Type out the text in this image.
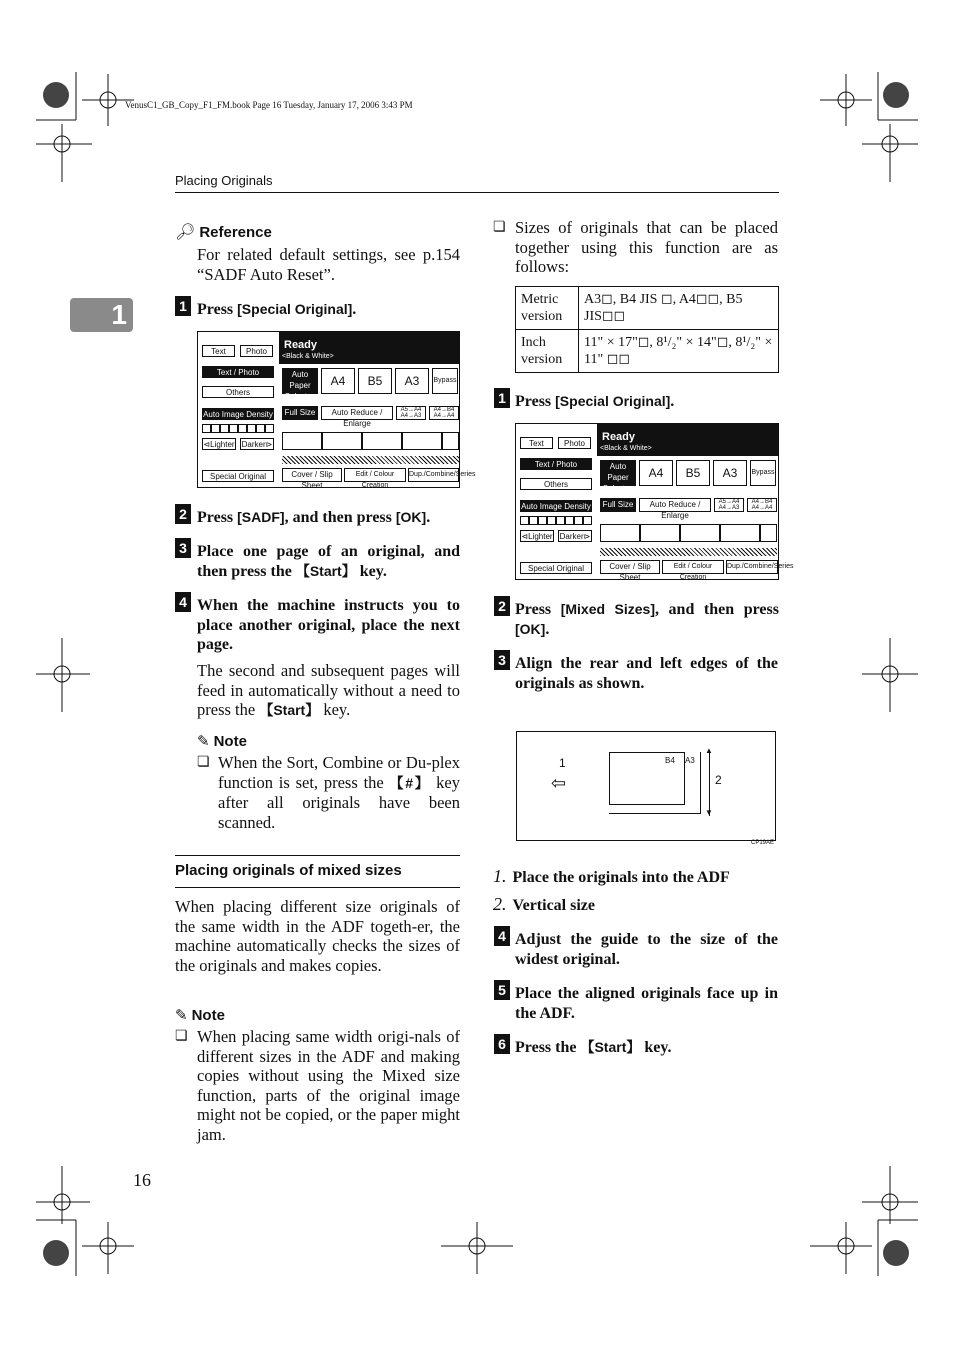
VenusC1_GB_Copy_F1_FM.book Page 16 Tuesday, January 17, 2006 3:43 PM
Placing Originals
1
🔎︎ Reference
For related default settings, see p.154 “SADF Auto Reset”.
1 Press [Special Original].
Ready
<Black & White>
Text	Photo
Text / Photo
Others
Auto Image Density
⊲Lighter Darker⊳
Special Original
Auto Paper Select ▶
A4	B5	A3	Bypass
Full Size	Auto Reduce / Enlarge
A5→A4 A4→A3
A4→B4 A4→A4
Cover / Slip Sheet
Edit / Colour Creation
Dup./Combine/Series
2 Press [SADF], and then press [OK].
3 Place one page of an original, and then press the 【Start】 key.
4 When the machine instructs you to place another original, place the next page.
The second and subsequent pages will feed in automatically without a need to press the 【Start】 key.
✎ Note
❏ When the Sort, Combine or Du-plex function is set, press the 【#】 key after all originals have been scanned.
Placing originals of mixed sizes
When placing different size originals of the same width in the ADF togeth-er, the machine automatically checks the sizes of the originals and makes copies.
✎ Note
❏ When placing same width origi-nals of different sizes in the ADF and making copies without using the Mixed size function, parts of the original image might not be copied, or the paper might jam.
16
❏ Sizes of originals that can be placed together using this function are as follows:
Metric version	A3◻, B4 JIS ◻, A4◻◻, B5 JIS◻◻
Inch version	11" × 17"◻, 8¹/₂" × 14"◻, 8¹/₂" × 11" ◻◻
1 Press [Special Original].
Ready
<Black & White>
Text	Photo
Text / Photo
Others
Auto Image Density
⊲Lighter Darker⊳
Special Original
Auto Paper Select ▶
A4	B5	A3	Bypass
Full Size	Auto Reduce / Enlarge
A5→A4 A4→A3
A4→B4 A4→A4
Cover / Slip Sheet
Edit / Colour Creation
Dup./Combine/Series
2 Press [Mixed Sizes], and then press [OK].
3 Align the rear and left edges of the originals as shown.
1
⇦
B4 A3
▲
▼
2
CP19AE
1. Place the originals into the ADF
2. Vertical size
4 Adjust the guide to the size of the widest original.
5 Place the aligned originals face up in the ADF.
6 Press the 【Start】 key.
